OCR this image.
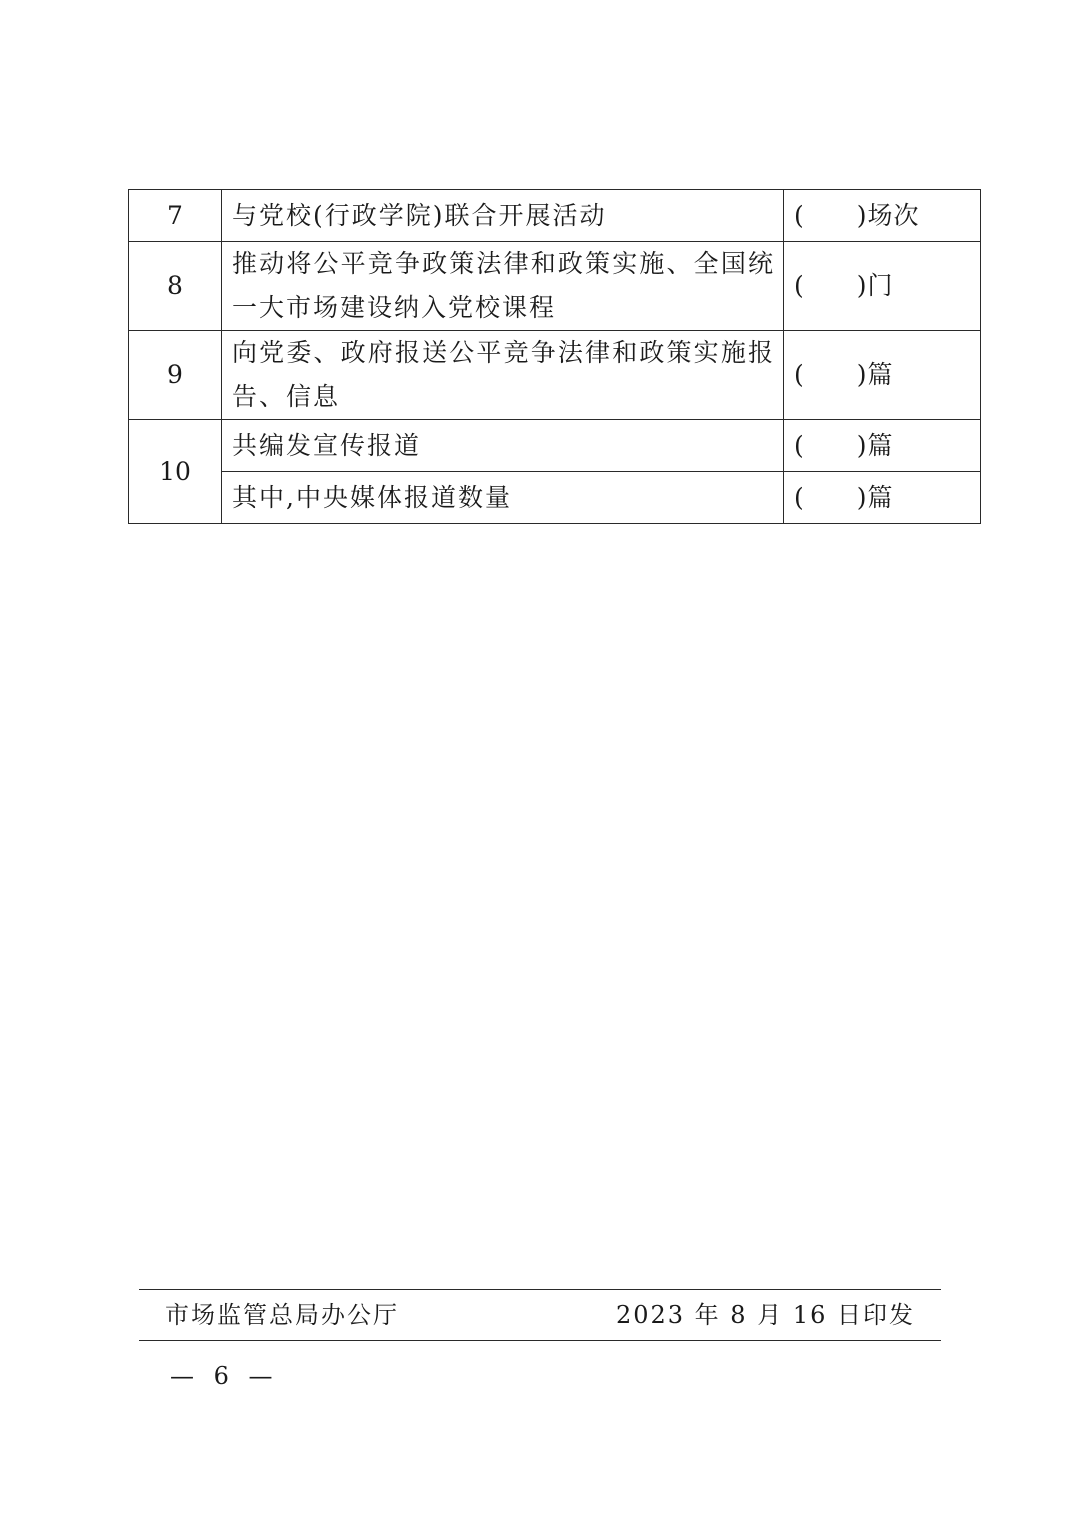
7	与党校(行政学院)联合开展活动	(　　)场次
8	推动将公平竞争政策法律和政策实施、全国统一大市场建设纳入党校课程	(　　)门
9	向党委、政府报送公平竞争法律和政策实施报告、信息	(　　)篇
10	共编发宣传报道	(　　)篇

	其中,中央媒体报道数量	(　　)篇
市场监管总局办公厅	2023 年 8 月 16 日印发
— 6 —
